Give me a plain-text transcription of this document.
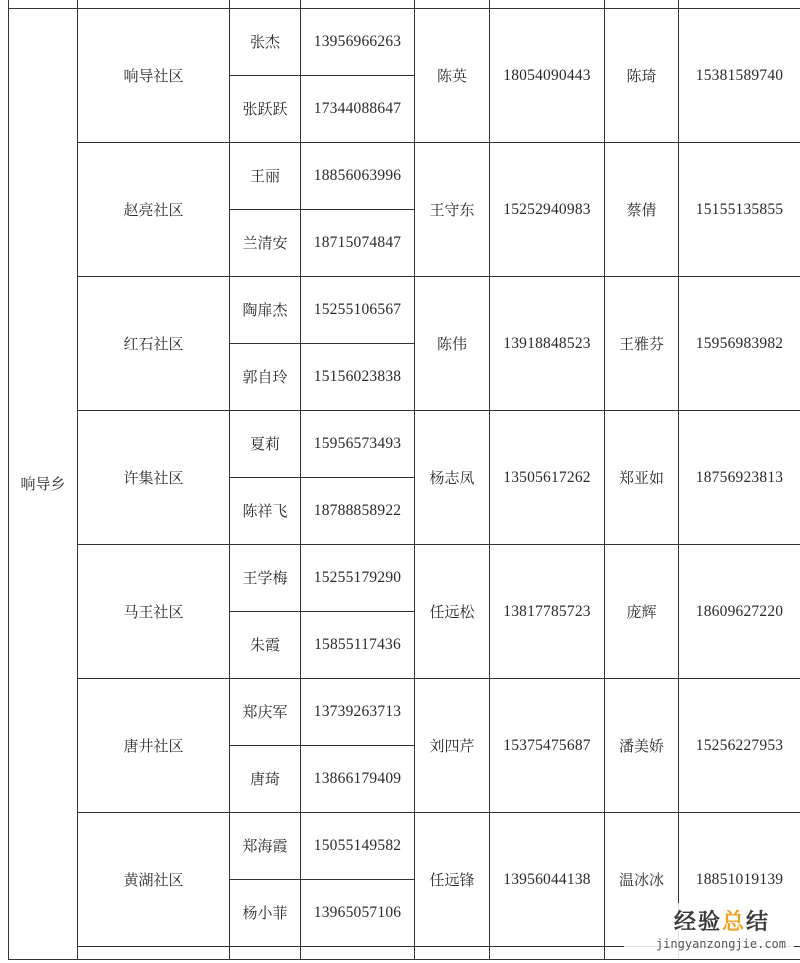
响导乡	响导社区	张杰	13956966263	陈英	18054090443	陈琦	15381589740
		张跃跃	17344088647				
	赵亮社区	王丽	18856063996	王守东	15252940983	蔡倩	15155135855
		兰清安	18715074847				
	红石社区	陶扉杰	15255106567	陈伟	13918848523	王雅芬	15956983982
		郭自玲	15156023838				
	许集社区	夏莉	15956573493	杨志凤	13505617262	郑亚如	18756923813
		陈祥飞	18788858922				
	马王社区	王学梅	15255179290	任远松	13817785723	庞辉	18609627220
		朱霞	15855117436				
	唐井社区	郑庆军	13739263713	刘四芹	15375475687	潘美娇	15256227953
		唐琦	13866179409				
	黄湖社区	郑海霞	15055149582	任远锋	13956044138	温冰冰	18851019139
		杨小菲	13965057106				
							经验总结
jingyanzongjie.com
